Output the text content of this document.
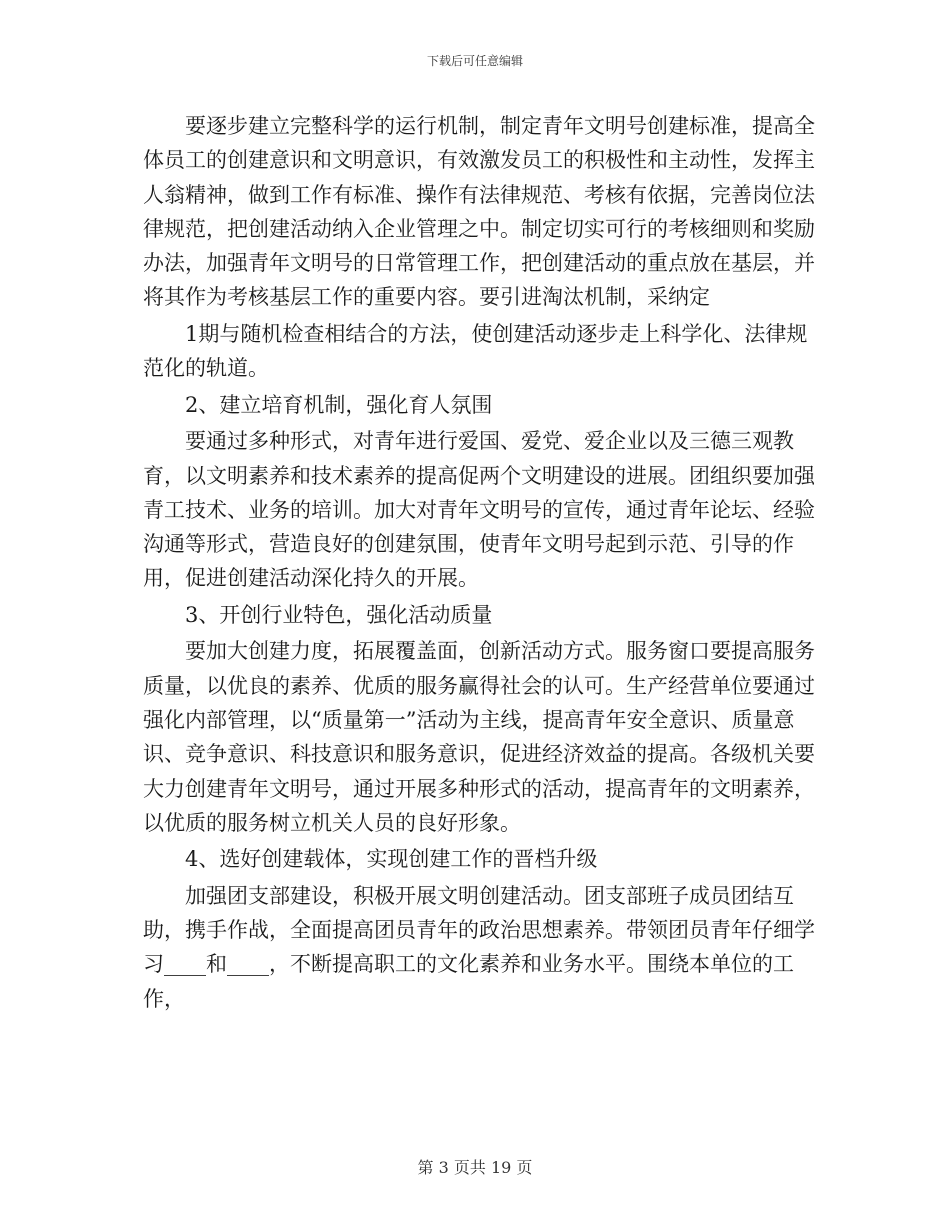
下载后可任意编辑

要逐步建立完整科学的运行机制，制定青年文明号创建标准，提高全体员工的创建意识和文明意识，有效激发员工的积极性和主动性，发挥主人翁精神，做到工作有标准、操作有法律规范、考核有依据，完善岗位法律规范，把创建活动纳入企业管理之中。制定切实可行的考核细则和奖励办法，加强青年文明号的日常管理工作，把创建活动的重点放在基层，并将其作为考核基层工作的重要内容。要引进淘汰机制，采纳定

1期与随机检查相结合的方法，使创建活动逐步走上科学化、法律规范化的轨道。

2、建立培育机制，强化育人氛围

要通过多种形式，对青年进行爱国、爱党、爱企业以及三德三观教育，以文明素养和技术素养的提高促两个文明建设的进展。团组织要加强青工技术、业务的培训。加大对青年文明号的宣传，通过青年论坛、经验沟通等形式，营造良好的创建氛围，使青年文明号起到示范、引导的作用，促进创建活动深化持久的开展。

3、开创行业特色，强化活动质量

要加大创建力度，拓展覆盖面，创新活动方式。服务窗口要提高服务质量，以优良的素养、优质的服务赢得社会的认可。生产经营单位要通过强化内部管理，以“质量第一”活动为主线，提高青年安全意识、质量意识、竞争意识、科技意识和服务意识，促进经济效益的提高。各级机关要大力创建青年文明号，通过开展多种形式的活动，提高青年的文明素养，以优质的服务树立机关人员的良好形象。

4、选好创建载体，实现创建工作的晋档升级

加强团支部建设，积极开展文明创建活动。团支部班子成员团结互助，携手作战，全面提高团员青年的政治思想素养。带领团员青年仔细学习____和____，不断提高职工的文化素养和业务水平。围绕本单位的工作，

第 3 页共 19 页
